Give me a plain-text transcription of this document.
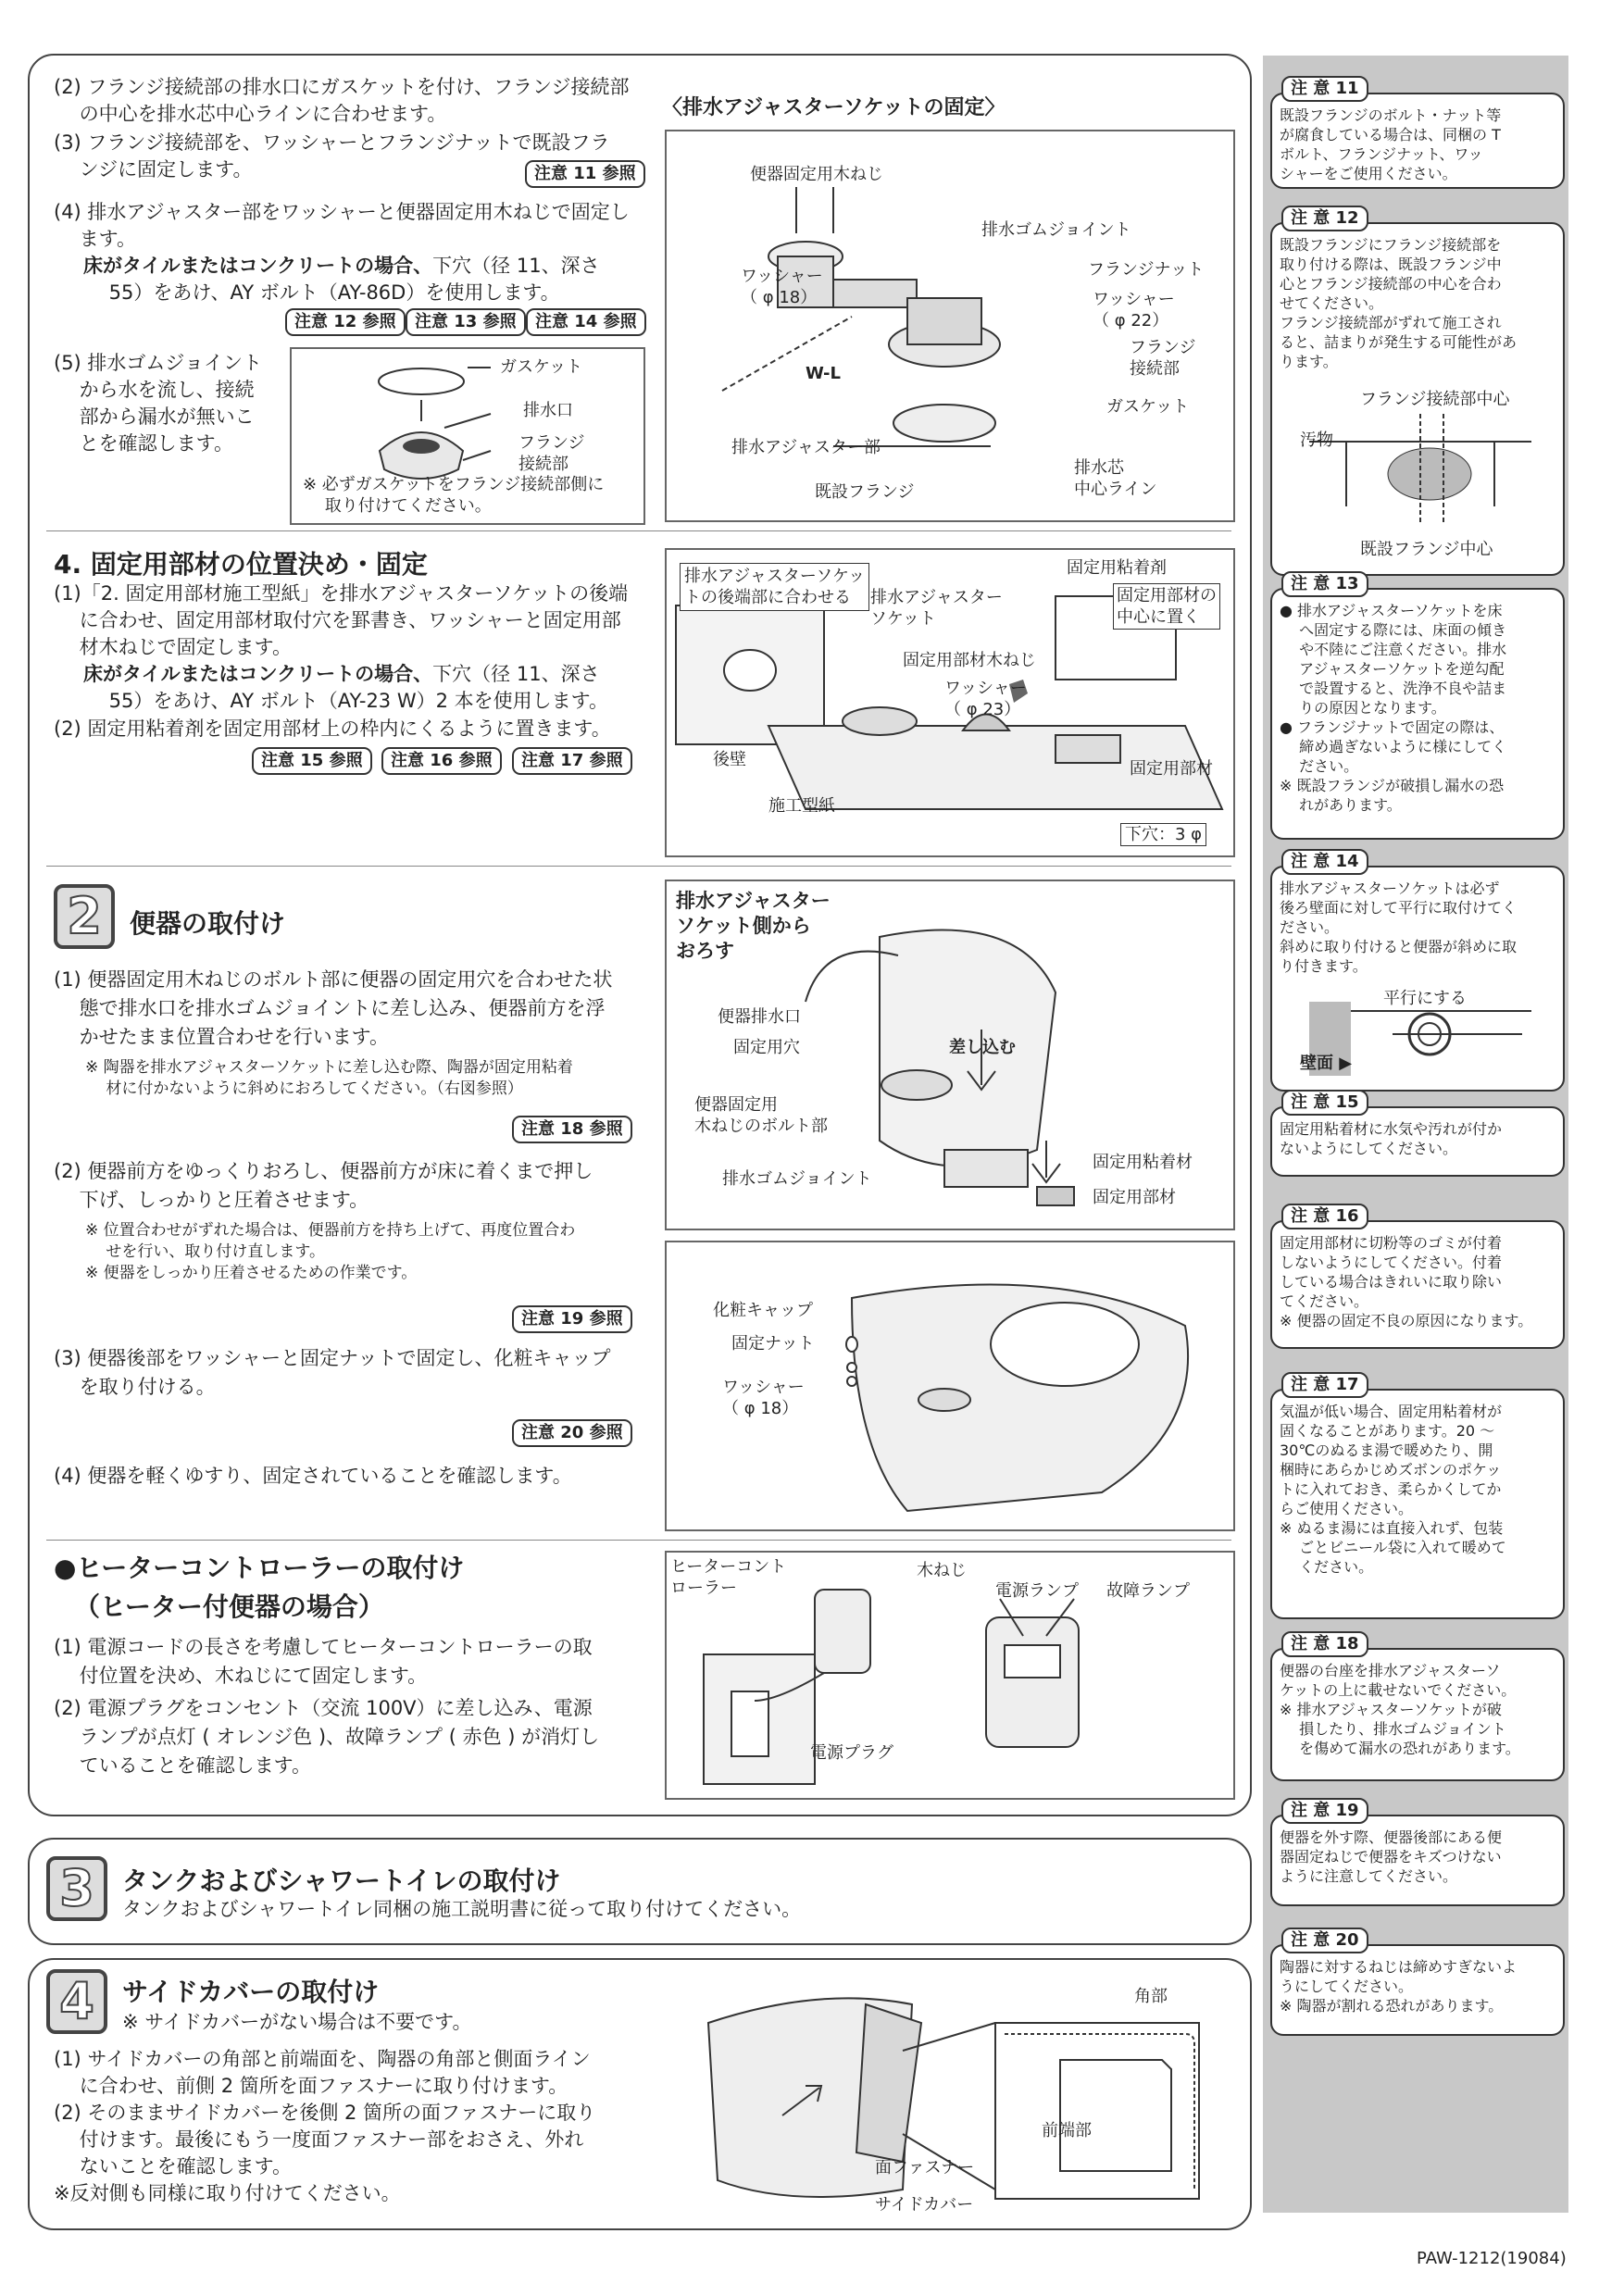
(2) フランジ接続部の排水口にガスケットを付け、フランジ接続部
　 の中心を排水芯中心ラインに合わせます。
(3) フランジ接続部を、ワッシャーとフランジナットで既設フラ
　 ンジに固定します。	注意 11 参照
(4) 排水アジャスター部をワッシャーと便器固定用木ねじで固定し
　 ます。
床がタイルまたはコンクリートの場合、下穴（径 11、深さ
　 55）をあけ、AY ボルト（AY-86D）を使用します。
注意 12 参照	注意 13 参照	注意 14 参照
(5) 排水ゴムジョイント
　 から水を流し、接続
　 部から漏水が無いこ
　 とを確認します。
ガスケット
排水口
フランジ
接続部
※ 必ずガスケットをフランジ接続部側に
　 取り付けてください。
〈排水アジャスターソケットの固定〉
便器固定用木ねじ
排水ゴムジョイント
ワッシャー
（ φ 18）
フランジナット
ワッシャー
（ φ 22）
フランジ
接続部
ガスケット
W-L
排水アジャスター部
排水芯
中心ライン
既設フランジ
4. 固定用部材の位置決め・固定
(1)「2. 固定用部材施工型紙」を排水アジャスターソケットの後端
　 に合わせ、固定用部材取付穴を罫書き、ワッシャーと固定用部
　 材木ねじで固定します。
床がタイルまたはコンクリートの場合、下穴（径 11、深さ
　 55）をあけ、AY ボルト（AY-23 W）2 本を使用します。
(2) 固定用粘着剤を固定用部材上の枠内にくるように置きます。
注意 15 参照	注意 16 参照	注意 17 参照
排水アジャスターソケッ
トの後端部に合わせる
固定用粘着剤
固定用部材の
中心に置く
排水アジャスター
ソケット
固定用部材木ねじ
ワッシャー
（ φ 23）
後壁	固定用部材
施工型紙
下穴：3 φ
2	便器の取付け
(1) 便器固定用木ねじのボルト部に便器の固定用穴を合わせた状
　 態で排水口を排水ゴムジョイントに差し込み、便器前方を浮
　 かせたまま位置合わせを行います。
※ 陶器を排水アジャスターソケットに差し込む際、陶器が固定用粘着
　 材に付かないように斜めにおろしてください。（右図参照）
注意 18 参照
(2) 便器前方をゆっくりおろし、便器前方が床に着くまで押し
　 下げ、しっかりと圧着させます。
※ 位置合わせがずれた場合は、便器前方を持ち上げて、再度位置合わ
　 せを行い、取り付け直します。
※ 便器をしっかり圧着させるための作業です。
注意 19 参照
(3) 便器後部をワッシャーと固定ナットで固定し、化粧キャップ
　 を取り付ける。
注意 20 参照
(4) 便器を軽くゆすり、固定されていることを確認します。
排水アジャスター
ソケット側から
おろす
便器排水口
固定用穴	差し込む
便器固定用
木ねじのボルト部
固定用粘着材
排水ゴムジョイント
固定用部材
化粧キャップ
固定ナット
ワッシャー
（ φ 18）
●ヒーターコントローラーの取付け
（ヒーター付便器の場合）
(1) 電源コードの長さを考慮してヒーターコントローラーの取
　 付位置を決め、木ねじにて固定します。
(2) 電源プラグをコンセント（交流 100V）に差し込み、電源
　 ランプが点灯 ( オレンジ色 )、故障ランプ ( 赤色 ) が消灯し
　 ていることを確認します。
ヒーターコント
ローラー
木ねじ
電源ランプ 故障ランプ
電源プラグ
3	タンクおよびシャワートイレの取付け
タンクおよびシャワートイレ同梱の施工説明書に従って取り付けてください。
4	サイドカバーの取付け
※ サイドカバーがない場合は不要です。
(1) サイドカバーの角部と前端面を、陶器の角部と側面ライン
　 に合わせ、前側 2 箇所を面ファスナーに取り付けます。
(2) そのままサイドカバーを後側 2 箇所の面ファスナーに取り
　 付けます。最後にもう一度面ファスナー部をおさえ、外れ
　 ないことを確認します。
※反対側も同様に取り付けてください。
角部
前端部
面ファスナー
サイドカバー
注 意 11
既設フランジのボルト・ナット等
が腐食している場合は、同梱の T
ボルト、フランジナット、ワッ
シャーをご使用ください。
注 意 12
既設フランジにフランジ接続部を
取り付ける際は、既設フランジ中
心とフランジ接続部の中心を合わ
せてください。
フランジ接続部がずれて施工され
ると、詰まりが発生する可能性があ
ります。
フランジ接続部中心
汚物
既設フランジ中心
注 意 13
● 排水アジャスターソケットを床
　 へ固定する際には、床面の傾き
　 や不陸にご注意ください。排水
　 アジャスターソケットを逆勾配
　 で設置すると、洗浄不良や詰ま
　 りの原因となります。
● フランジナットで固定の際は、
　 締め過ぎないように様にしてく
　 ださい。
※ 既設フランジが破損し漏水の恐
　 れがあります。
注 意 14
排水アジャスターソケットは必ず
後ろ壁面に対して平行に取付けてく
ださい。
斜めに取り付けると便器が斜めに取
り付きます。
平行にする
壁面 ▶
注 意 15
固定用粘着材に水気や汚れが付か
ないようにしてください。
注 意 16
固定用部材に切粉等のゴミが付着
しないようにしてください。付着
している場合はきれいに取り除い
てください。
※ 便器の固定不良の原因になります。
注 意 17
気温が低い場合、固定用粘着材が
固くなることがあります。20 ～
30℃のぬるま湯で暖めたり、開
梱時にあらかじめズボンのポケッ
トに入れておき、柔らかくしてか
らご使用ください。
※ ぬるま湯には直接入れず、包装
　 ごとビニール袋に入れて暖めて
　 ください。
注 意 18
便器の台座を排水アジャスターソ
ケットの上に載せないでください。
※ 排水アジャスターソケットが破
　 損したり、排水ゴムジョイント
　 を傷めて漏水の恐れがあります。
注 意 19
便器を外す際、便器後部にある便
器固定ねじで便器をキズつけない
ように注意してください。
注 意 20
陶器に対するねじは締めすぎないよ
うにしてください。
※ 陶器が割れる恐れがあります。
PAW-1212(19084)
